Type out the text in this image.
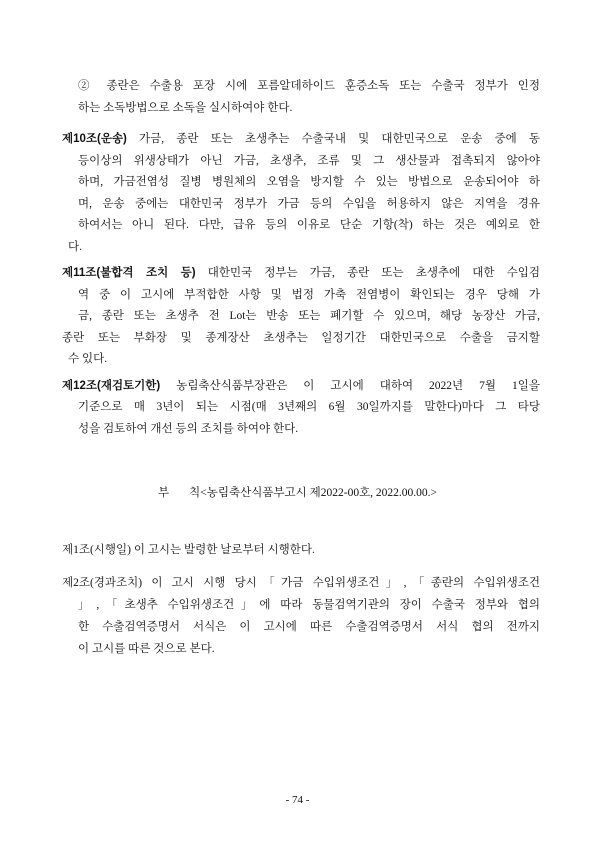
② 종란은 수출용 포장 시에 포름알데하이드 훈증소독 또는 수출국 정부가 인정
하는 소독방법으로 소독을 실시하여야 한다.
제10조(운송) 가금, 종란 또는 초생추는 수출국내 및 대한민국으로 운송 중에 동
등이상의 위생상태가 아닌 가금, 초생추, 조류 및 그 생산물과 접촉되지 않아야
하며, 가금전염성 질병 병원체의 오염을 방지할 수 있는 방법으로 운송되어야 하
며, 운송 중에는 대한민국 정부가 가금 등의 수입을 허용하지 않은 지역을 경유
하여서는 아니 된다. 다만, 급유 등의 이유로 단순 기항(착) 하는 것은 예외로 한
다.
제11조(불합격 조치 등) 대한민국 정부는 가금, 종란 또는 초생추에 대한 수입검
역 중 이 고시에 부적합한 사항 및 법정 가축 전염병이 확인되는 경우 당해 가
금, 종란 또는 초생추 전 Lot는 반송 또는 폐기할 수 있으며, 해당 농장산 가금,
종란 또는 부화장 및 종계장산 초생추는 일정기간 대한민국으로 수출을 금지할
수 있다.
제12조(재검토기한) 농림축산식품부장관은 이 고시에 대하여 2022년 7월 1일을
기준으로 매 3년이 되는 시점(매 3년째의 6월 30일까지를 말한다)마다 그 타당
성을 검토하여 개선 등의 조치를 하여야 한다.
부       칙<농림축산식품부고시 제2022-00호, 2022.00.00.>
제1조(시행일) 이 고시는 발령한 날로부터 시행한다.
제2조(경과조치) 이 고시 시행 당시「가금 수입위생조건」,「종란의 수입위생조건
」,「초생추 수입위생조건」에 따라 동물검역기관의 장이 수출국 정부와 협의
한 수출검역증명서 서식은 이 고시에 따른 수출검역증명서 서식 협의 전까지
이 고시를 따른 것으로 본다.
- 74 -
